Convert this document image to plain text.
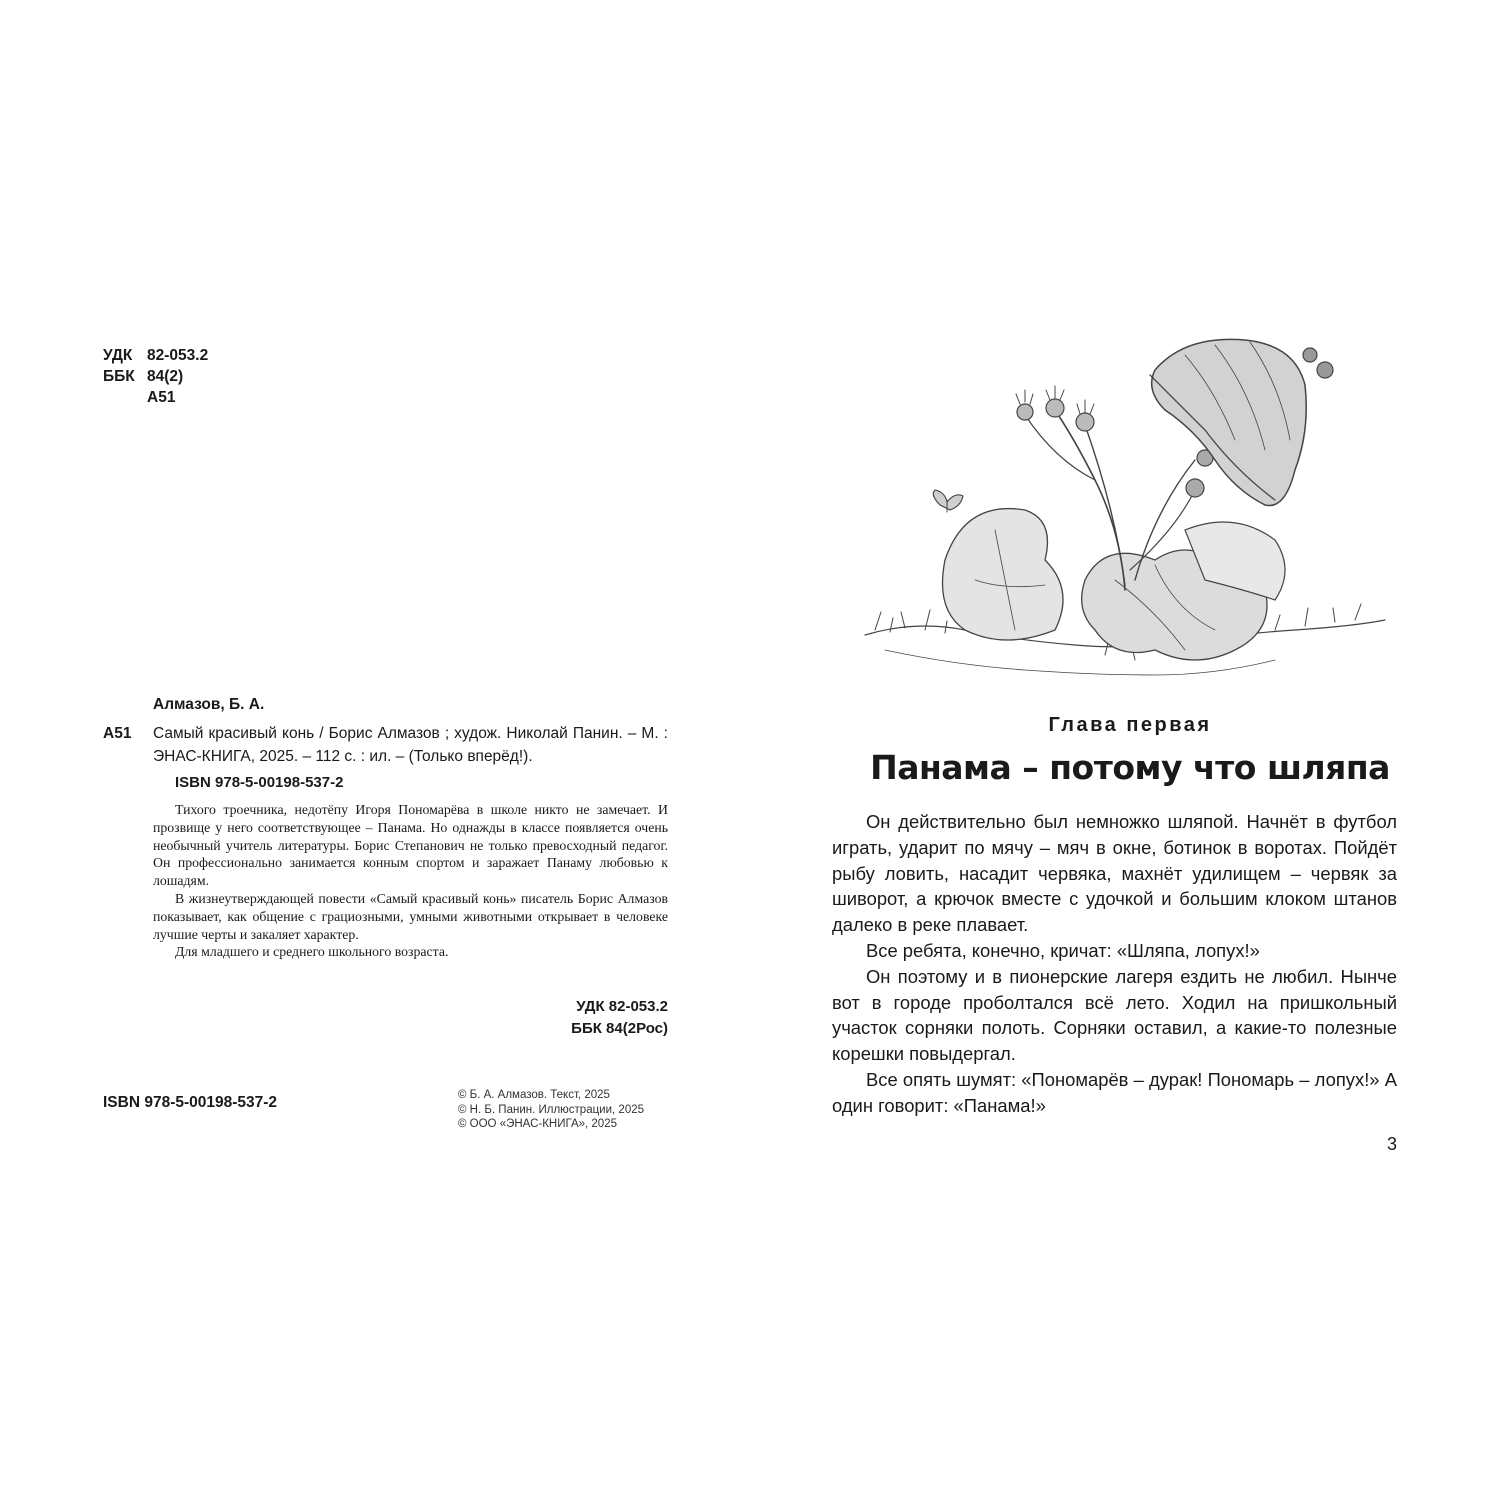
УДК 82-053.2
ББК 84(2)
А51
Алмазов, Б. А.
А51 Самый красивый конь / Борис Алмазов ; худож. Николай Панин. – М. : ЭНАС-КНИГА, 2025. – 112 с. : ил. – (Только вперёд!).
ISBN 978-5-00198-537-2

Тихого троечника, недотёпу Игоря Пономарёва в школе никто не замечает. И прозвище у него соответствующее – Панама. Но однажды в классе появляется очень необычный учитель литературы. Борис Степанович не только превосходный педагог. Он профессионально занимается конным спортом и заражает Панаму любовью к лошадям.

В жизнеутверждающей повести «Самый красивый конь» писатель Борис Алмазов показывает, как общение с грациозными, умными животными открывает в человеке лучшие черты и закаляет характер.

Для младшего и среднего школьного возраста.

УДК 82-053.2
ББК 84(2Рос)
© Б. А. Алмазов. Текст, 2025
© Н. Б. Панин. Иллюстрации, 2025
© ООО «ЭНАС-КНИГА», 2025
ISBN 978-5-00198-537-2
Глава первая
Панама – потому что шляпа

Он действительно был немножко шляпой. Начнёт в футбол играть, ударит по мячу – мяч в окне, ботинок в воротах. Пойдёт рыбу ловить, насадит червяка, махнёт удилищем – червяк за шиворот, а крючок вместе с удочкой и большим клоком штанов далеко в реке плавает.

Все ребята, конечно, кричат: «Шляпа, лопух!»

Он поэтому и в пионерские лагеря ездить не любил. Нынче вот в городе проболтался всё лето. Ходил на пришкольный участок сорняки полоть. Сорняки оставил, а какие-то полезные корешки повыдергал.

Все опять шумят: «Пономарёв – дурак! Пономарь – лопух!» А один говорит: «Панама!»

3
